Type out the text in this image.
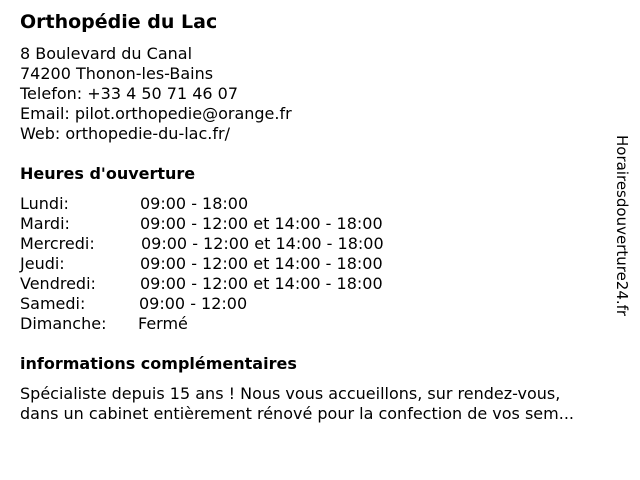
Orthopédie du Lac
8 Boulevard du Canal
74200 Thonon-les-Bains
Telefon: +33 4 50 71 46 07
Email: pilot.orthopedie@orange.fr
Web: orthopedie-du-lac.fr/
Heures d'ouverture
Lundi:	09:00 - 18:00
Mardi:	09:00 - 12:00 et 14:00 - 18:00
Mercredi:	09:00 - 12:00 et 14:00 - 18:00
Jeudi:	09:00 - 12:00 et 14:00 - 18:00
Vendredi:	09:00 - 12:00 et 14:00 - 18:00
Samedi:	09:00 - 12:00
Dimanche: Fermé
informations complémentaires
Spécialiste depuis 15 ans ! Nous vous accueillons, sur rendez-vous,
dans un cabinet entièrement rénové pour la confection de vos sem...
Horairesdouverture24.fr
